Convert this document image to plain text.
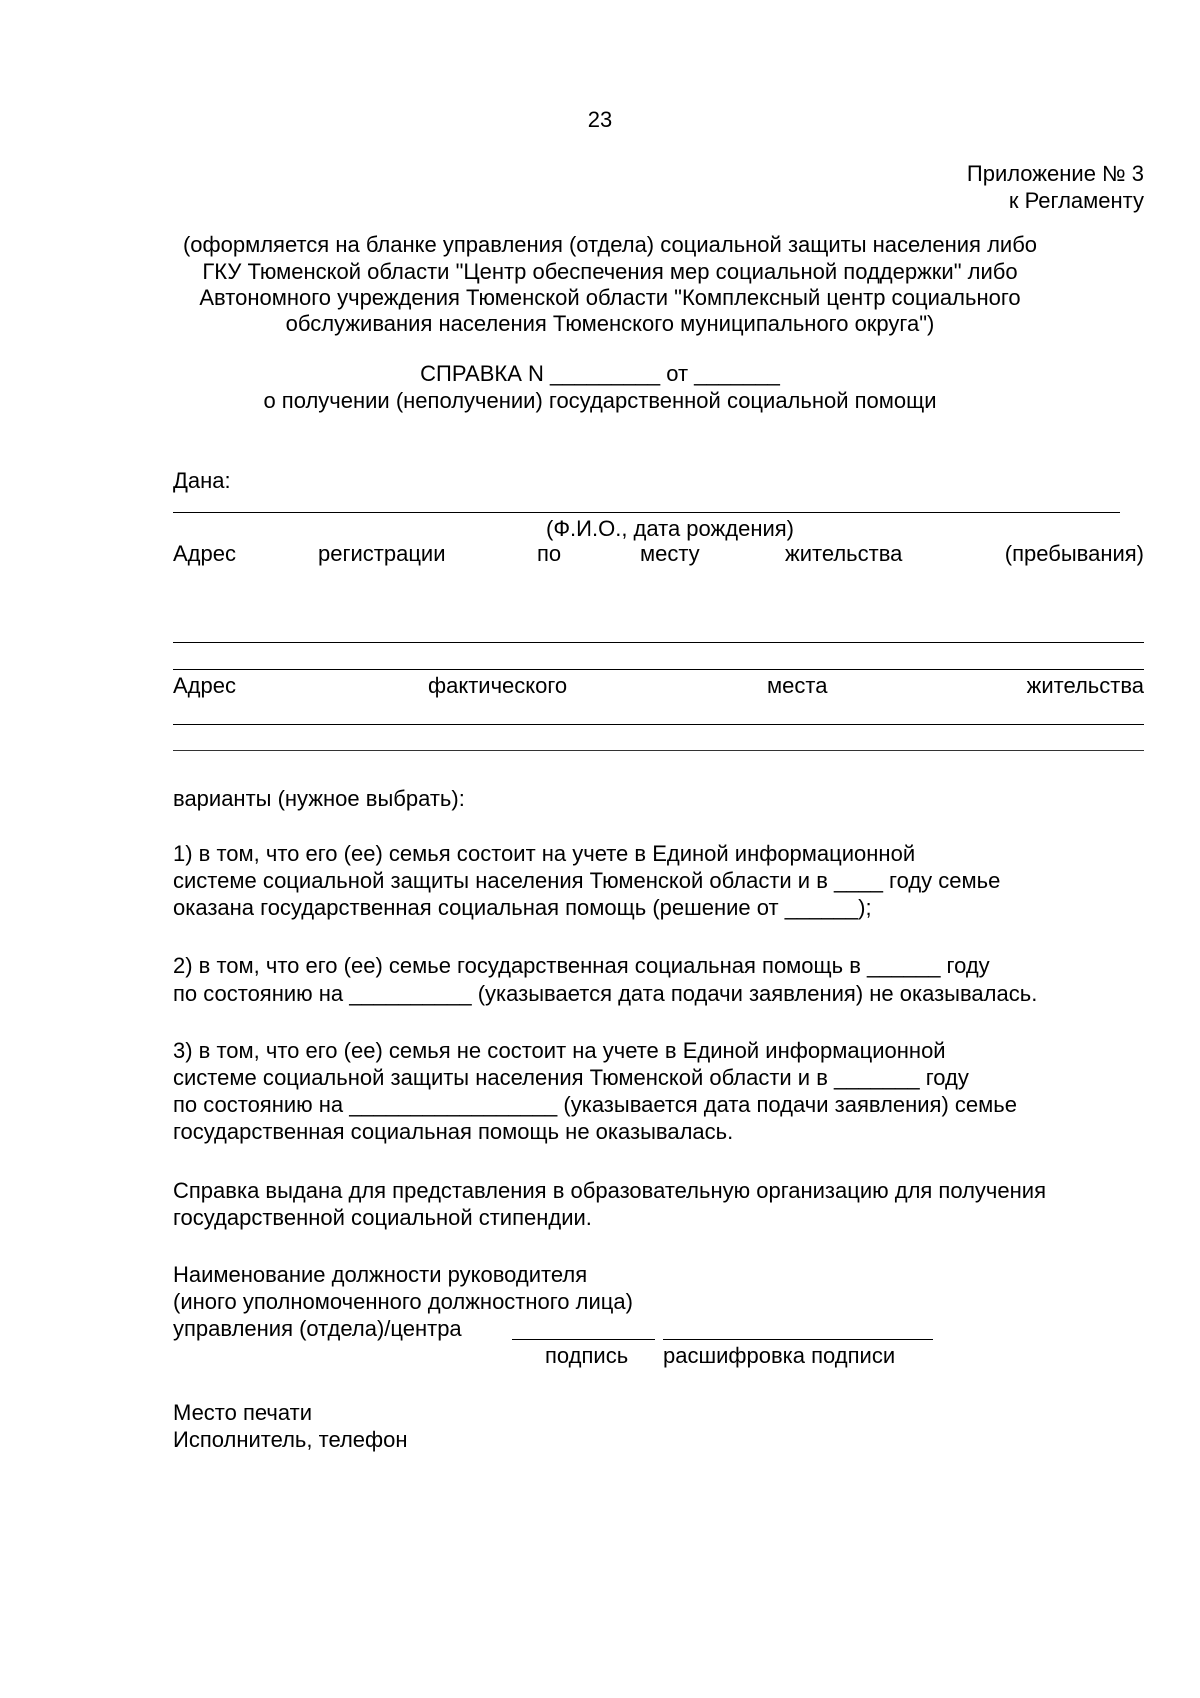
23
Приложение № 3
к Регламенту
(оформляется на бланке управления (отдела) социальной защиты населения либо
ГКУ Тюменской области "Центр обеспечения мер социальной поддержки" либо
Автономного учреждения Тюменской области "Комплексный центр социального
обслуживания населения Тюменского муниципального округа")
СПРАВКА N _________ от _______
о получении (неполучении) государственной социальной помощи
Дана:
(Ф.И.О., дата рождения)
Адрес	регистрации	по	месту	жительства	(пребывания)
Адрес	фактического	места	жительства
варианты (нужное выбрать):
1) в том, что его (ее) семья состоит на учете в Единой информационной
системе социальной защиты населения Тюменской области и в ____ году семье
оказана государственная социальная помощь (решение от ______);
2) в том, что его (ее) семье государственная социальная помощь в ______ году
по состоянию на __________ (указывается дата подачи заявления) не оказывалась.
3) в том, что его (ее) семья не состоит на учете в Единой информационной
системе социальной защиты населения Тюменской области и в _______ году
по состоянию на _________________ (указывается дата подачи заявления) семье
государственная социальная помощь не оказывалась.
Справка выдана для представления в образовательную организацию для получения
государственной социальной стипендии.
Наименование должности руководителя
(иного уполномоченного должностного лица)
управления (отдела)/центра
подпись расшифровка подписи
Место печати
Исполнитель, телефон
